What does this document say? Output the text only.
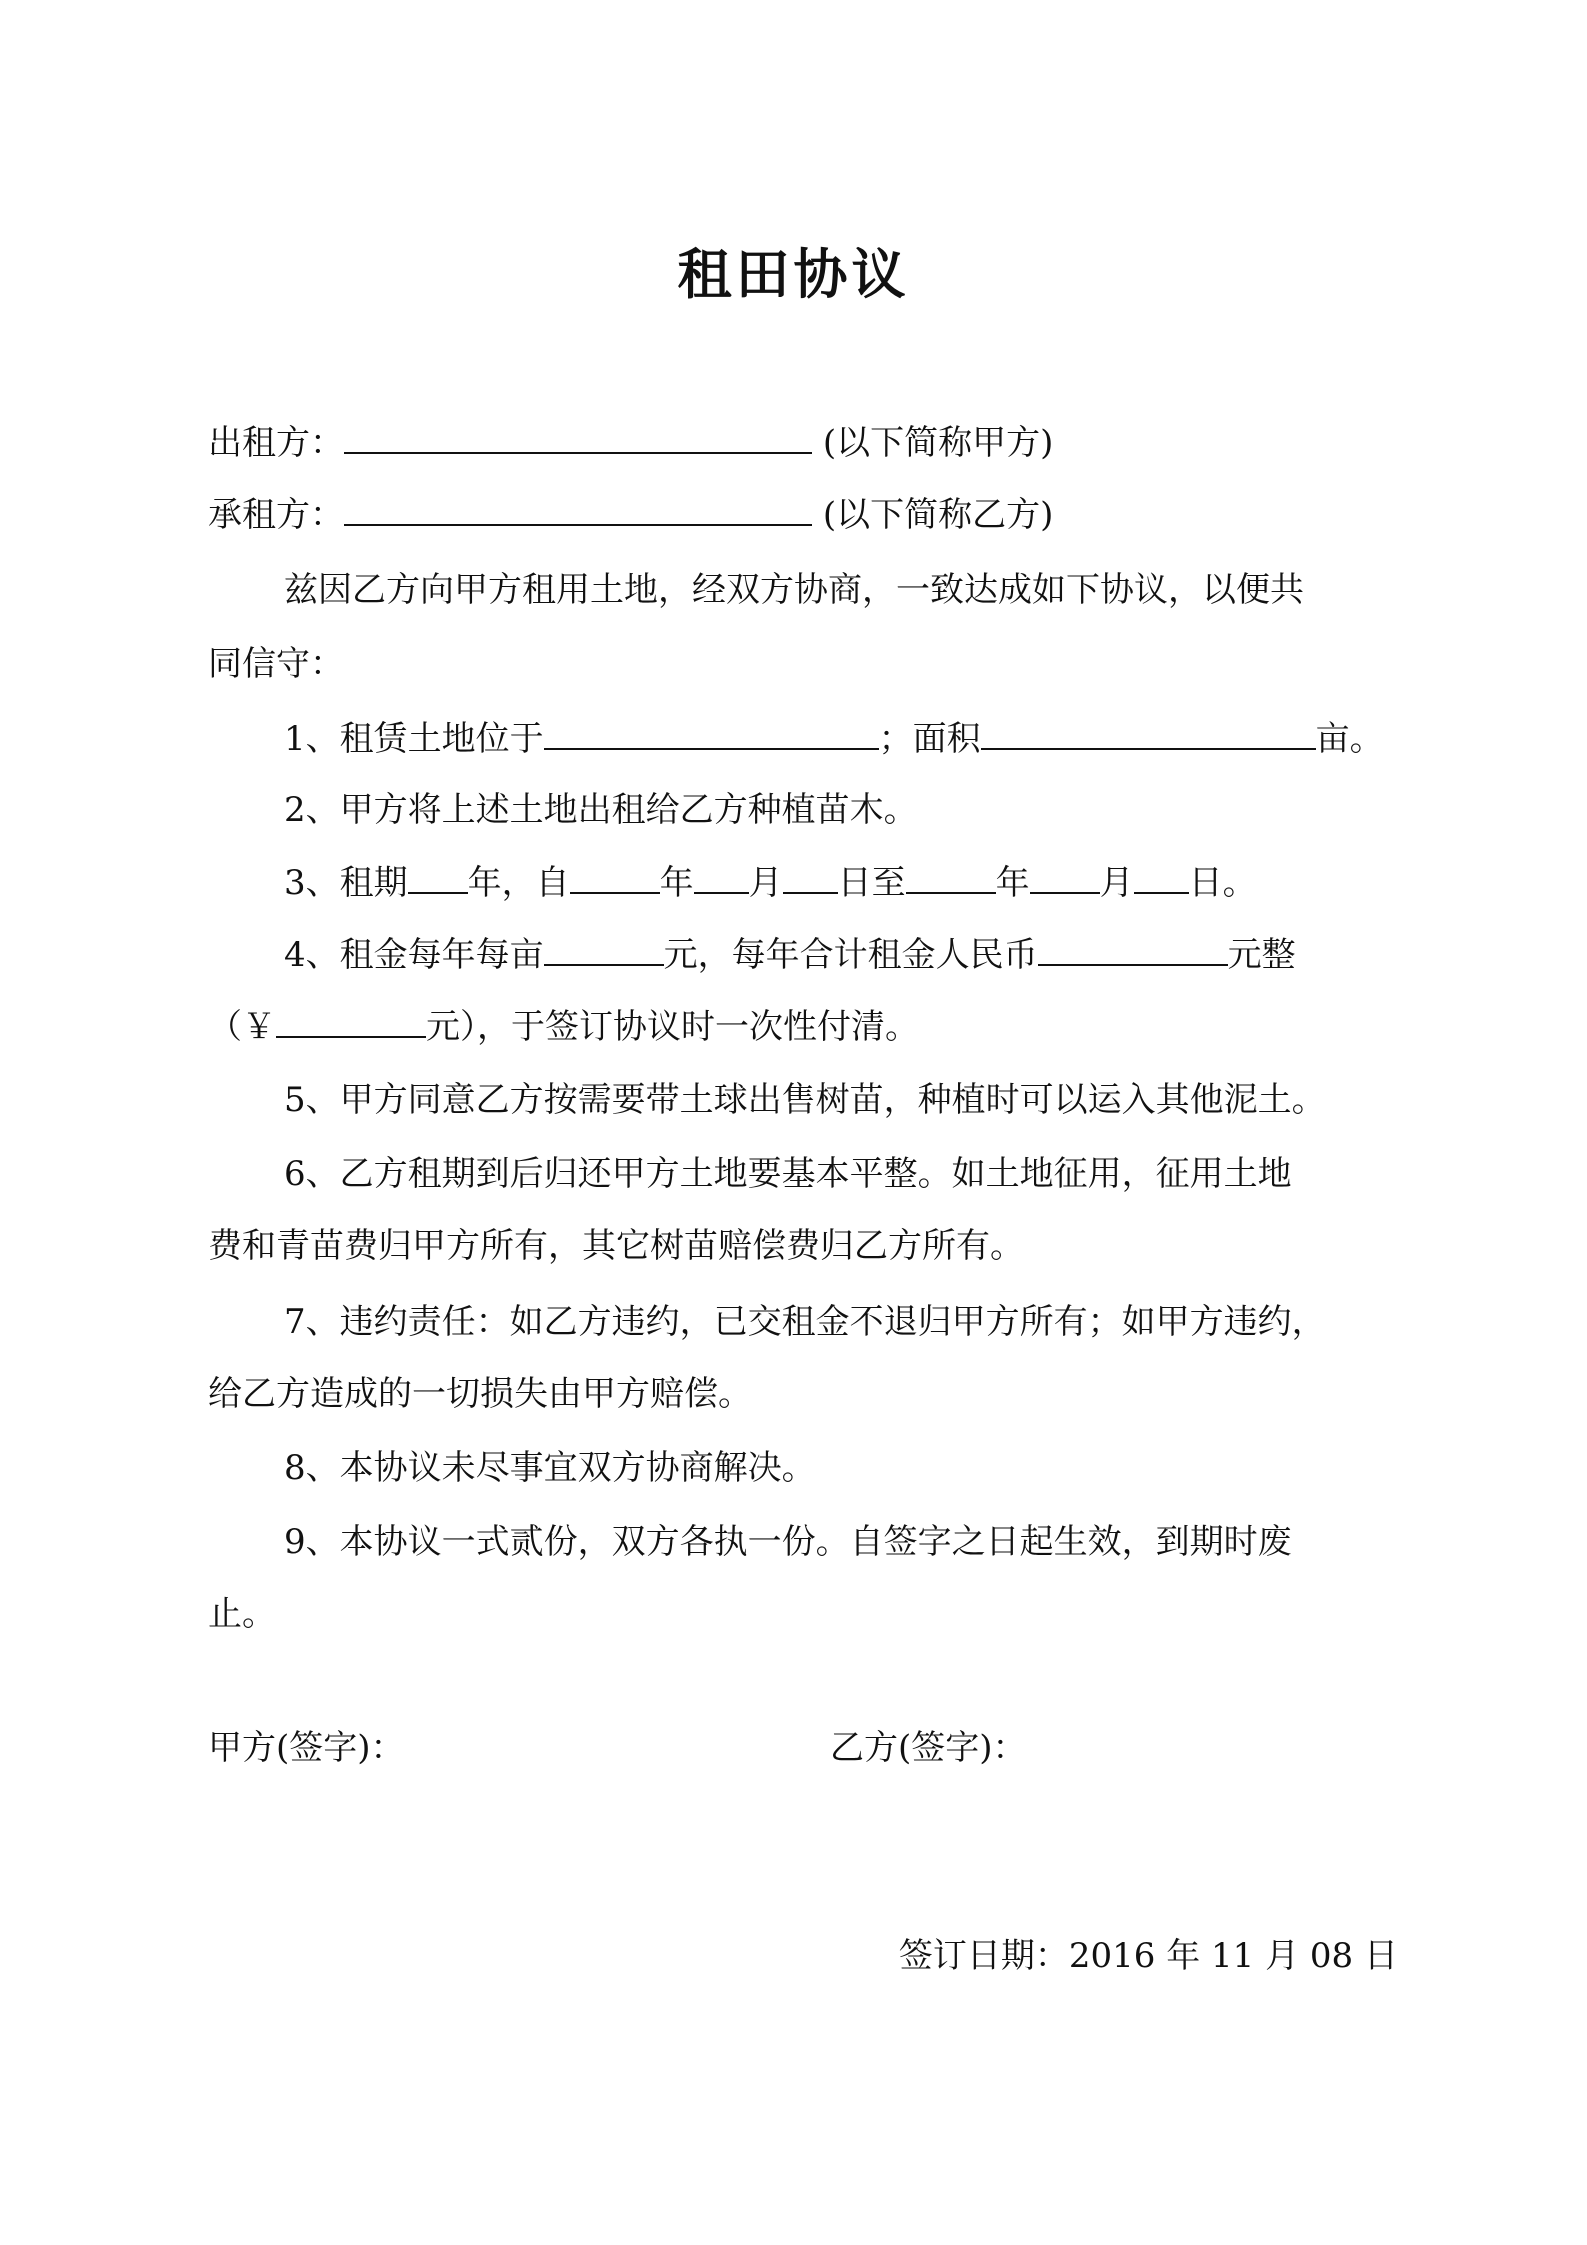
租田协议
出租方：	(以下简称甲方)
承租方：	(以下简称乙方)
兹因乙方向甲方租用土地，经双方协商，一致达成如下协议，以便共
同信守：
1、租赁土地位于	；面积	亩。
2、甲方将上述土地出租给乙方种植苗木。
3、租期 年，自	年 月 日至	年 月 日。
4、租金每年每亩	元，每年合计租金人民币	元整
（￥	元），于签订协议时一次性付清。
5、甲方同意乙方按需要带土球出售树苗，种植时可以运入其他泥土。
6、乙方租期到后归还甲方土地要基本平整。如土地征用，征用土地
费和青苗费归甲方所有，其它树苗赔偿费归乙方所有。
7、违约责任：如乙方违约，已交租金不退归甲方所有；如甲方违约，
给乙方造成的一切损失由甲方赔偿。
8、本协议未尽事宜双方协商解决。
9、本协议一式贰份，双方各执一份。自签字之日起生效，到期时废
止。
甲方(签字)：	乙方(签字)：
签订日期：2016 年 11 月 08 日
